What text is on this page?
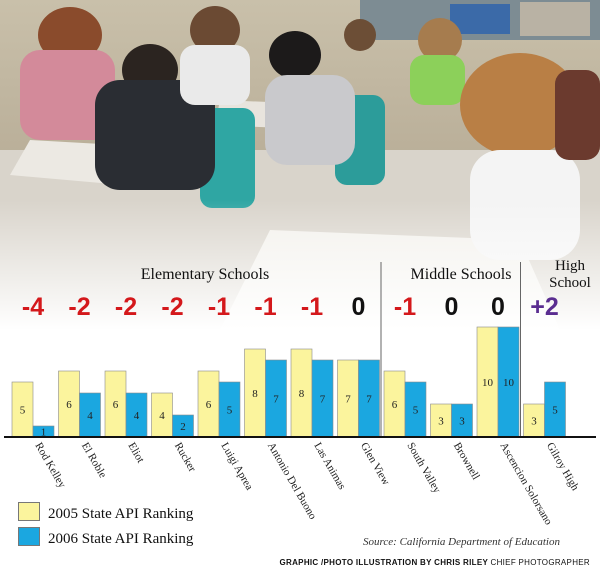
Elementary Schools	Middle Schools	High School
-4 -2 -2 -2 -1 -1 -1	0	-1	0	0	+2
5
1
Rod Kelley
6
4
El Roble
6
4
Eliot
4
2
Rucker
6 5
Luigi Aprea
8 7
Antonio Del Buono
8 7
Las Animas
7 7
Glen View
6 5
South Valley
3 3
Brownell
10 10
Ascencion Solorsano
3
5
Gilroy High
2005 State API Ranking
2006 State API Ranking	Source: California Department of Education
GRAPHIC /PHOTO ILLUSTRATION BY CHRIS RILEY CHIEF PHOTOGRAPHER
